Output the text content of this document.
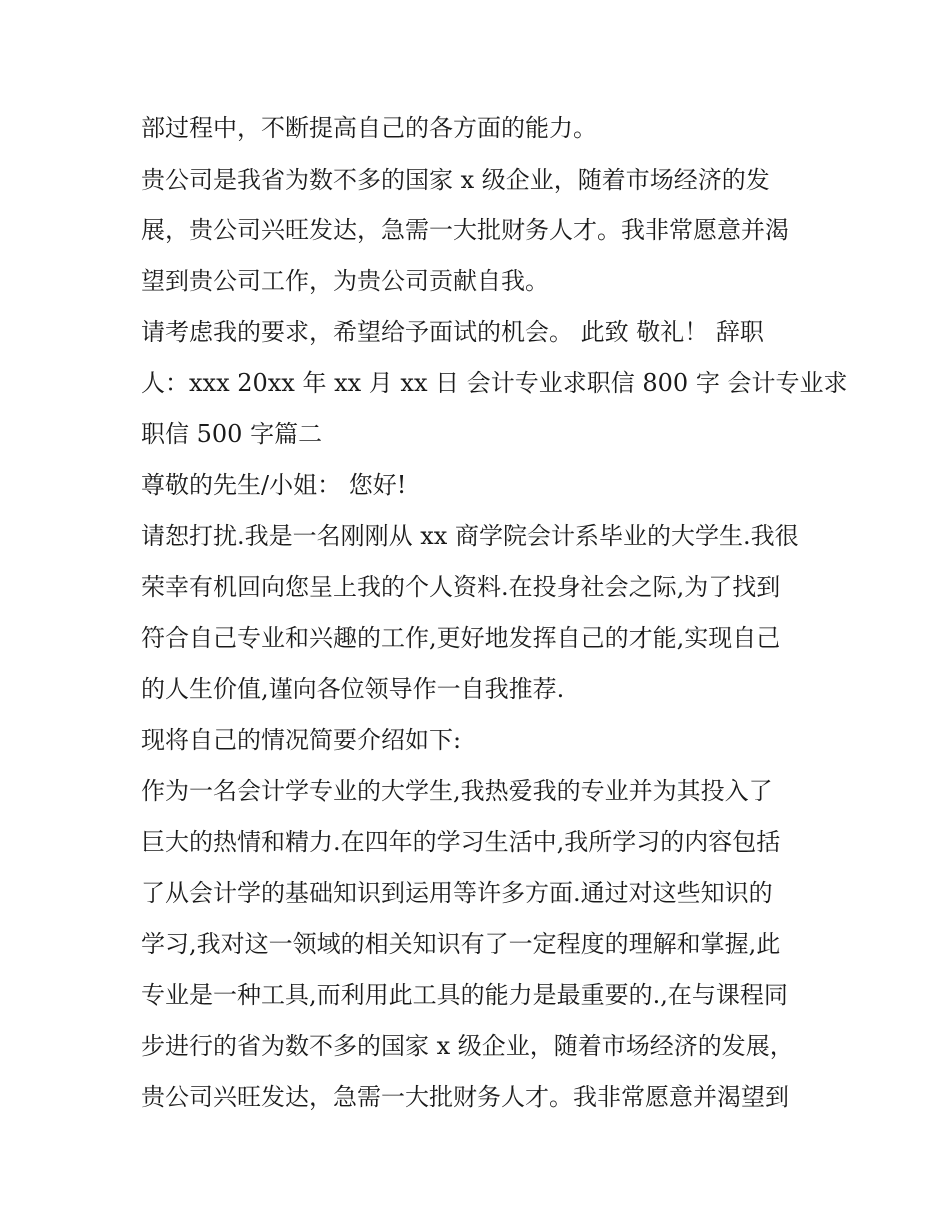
部过程中，不断提高自己的各方面的能力。
贵公司是我省为数不多的国家 x 级企业，随着市场经济的发
展，贵公司兴旺发达，急需一大批财务人才。我非常愿意并渴
望到贵公司工作，为贵公司贡献自我。
请考虑我的要求，希望给予面试的机会。 此致 敬礼！ 辞职
人：xxx 20xx 年 xx 月 xx 日 会计专业求职信 800 字 会计专业求
职信 500 字篇二
尊敬的先生/小姐： 您好!
请恕打扰.我是一名刚刚从 xx 商学院会计系毕业的大学生.我很
荣幸有机回向您呈上我的个人资料.在投身社会之际,为了找到
符合自己专业和兴趣的工作,更好地发挥自己的才能,实现自己
的人生价值,谨向各位领导作一自我推荐.
现将自己的情况简要介绍如下:
作为一名会计学专业的大学生,我热爱我的专业并为其投入了
巨大的热情和精力.在四年的学习生活中,我所学习的内容包括
了从会计学的基础知识到运用等许多方面.通过对这些知识的
学习,我对这一领域的相关知识有了一定程度的理解和掌握,此
专业是一种工具,而利用此工具的能力是最重要的.,在与课程同
步进行的省为数不多的国家 x 级企业，随着市场经济的发展，
贵公司兴旺发达，急需一大批财务人才。我非常愿意并渴望到
